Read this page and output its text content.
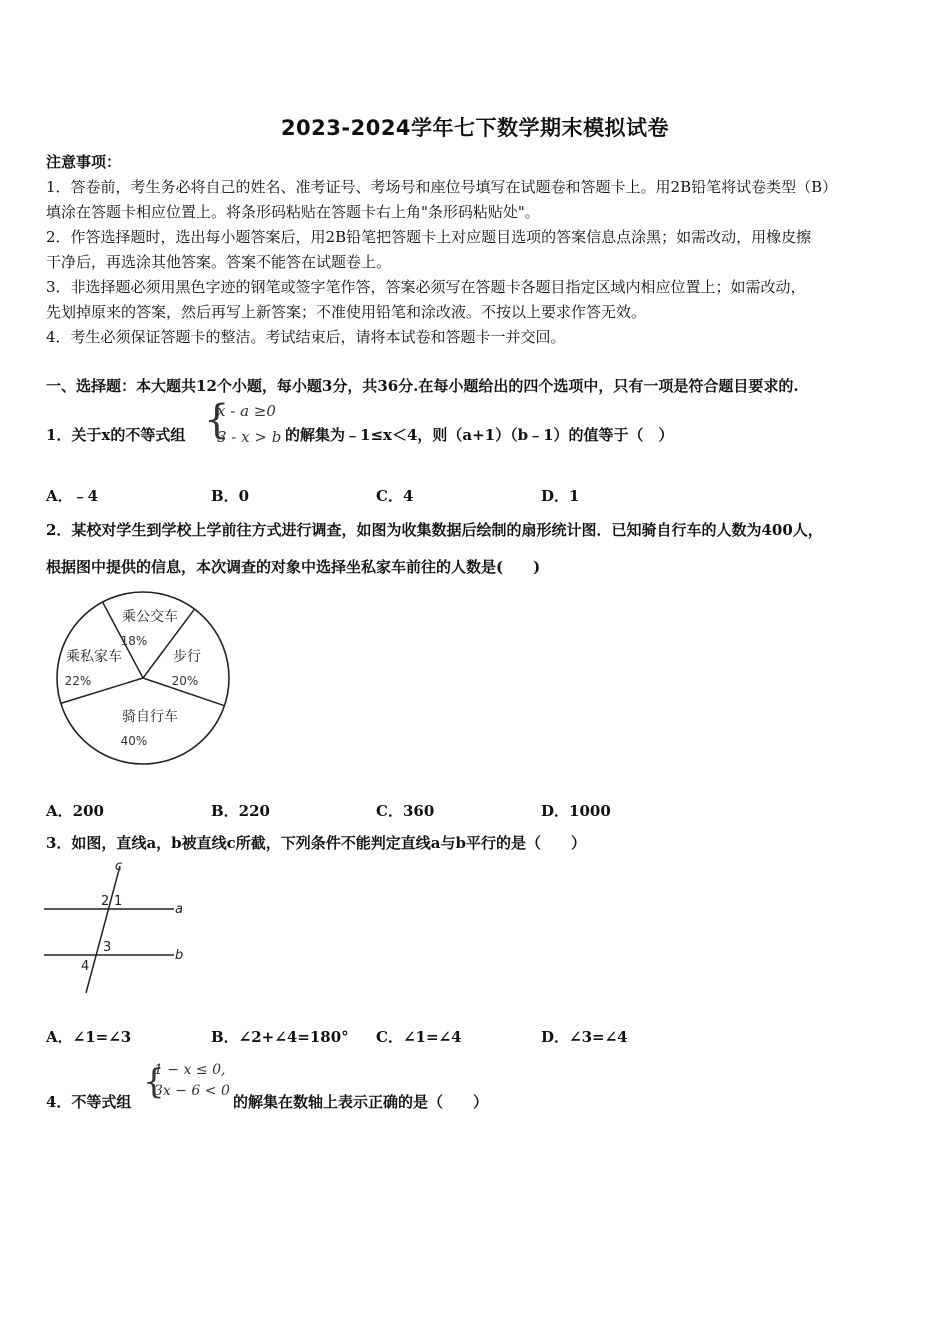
2023-2024学年七下数学期末模拟试卷
注意事项：
1．答卷前，考生务必将自己的姓名、准考证号、考场号和座位号填写在试题卷和答题卡上。用2B铅笔将试卷类型（B）
填涂在答题卡相应位置上。将条形码粘贴在答题卡右上角"条形码粘贴处"。
2．作答选择题时，选出每小题答案后，用2B铅笔把答题卡上对应题目选项的答案信息点涂黑；如需改动，用橡皮擦
干净后，再选涂其他答案。答案不能答在试题卷上。
3．非选择题必须用黑色字迹的钢笔或签字笔作答，答案必须写在答题卡各题目指定区域内相应位置上；如需改动，
先划掉原来的答案，然后再写上新答案；不准使用铅笔和涂改液。不按以上要求作答无效。
4．考生必须保证答题卡的整洁。考试结束后，请将本试卷和答题卡一并交回。
一、选择题：本大题共12个小题，每小题3分，共36分.在每小题给出的四个选项中，只有一项是符合题目要求的.
1．关于x的不等式组 {
x - a ≥0
3 - x > b 的解集为﹣1≤x＜4，则（a+1）（b﹣1）的值等于（　）
A．﹣4	B．0	C．4	D．1
2．某校对学生到学校上学前往方式进行调查，如图为收集数据后绘制的扇形统计图．已知骑自行车的人数为400人，
根据图中提供的信息，本次调查的对象中选择坐私家车前往的人数是(　　)
乘公交车
18%
步行
20%
骑自行车
40%
乘私家车
22%
A．200	B．220	C．360	D．1000
3．如图，直线a，b被直线c所截，下列条件不能判定直线a与b平行的是（　　）
c
a
b
2 1
3
4
A．∠1=∠3	B．∠2+∠4=180° C．∠1=∠4	D．∠3=∠4
4．不等式组 {
1 − x ≤ 0,
3x − 6 < 0
的解集在数轴上表示正确的是（　　）
